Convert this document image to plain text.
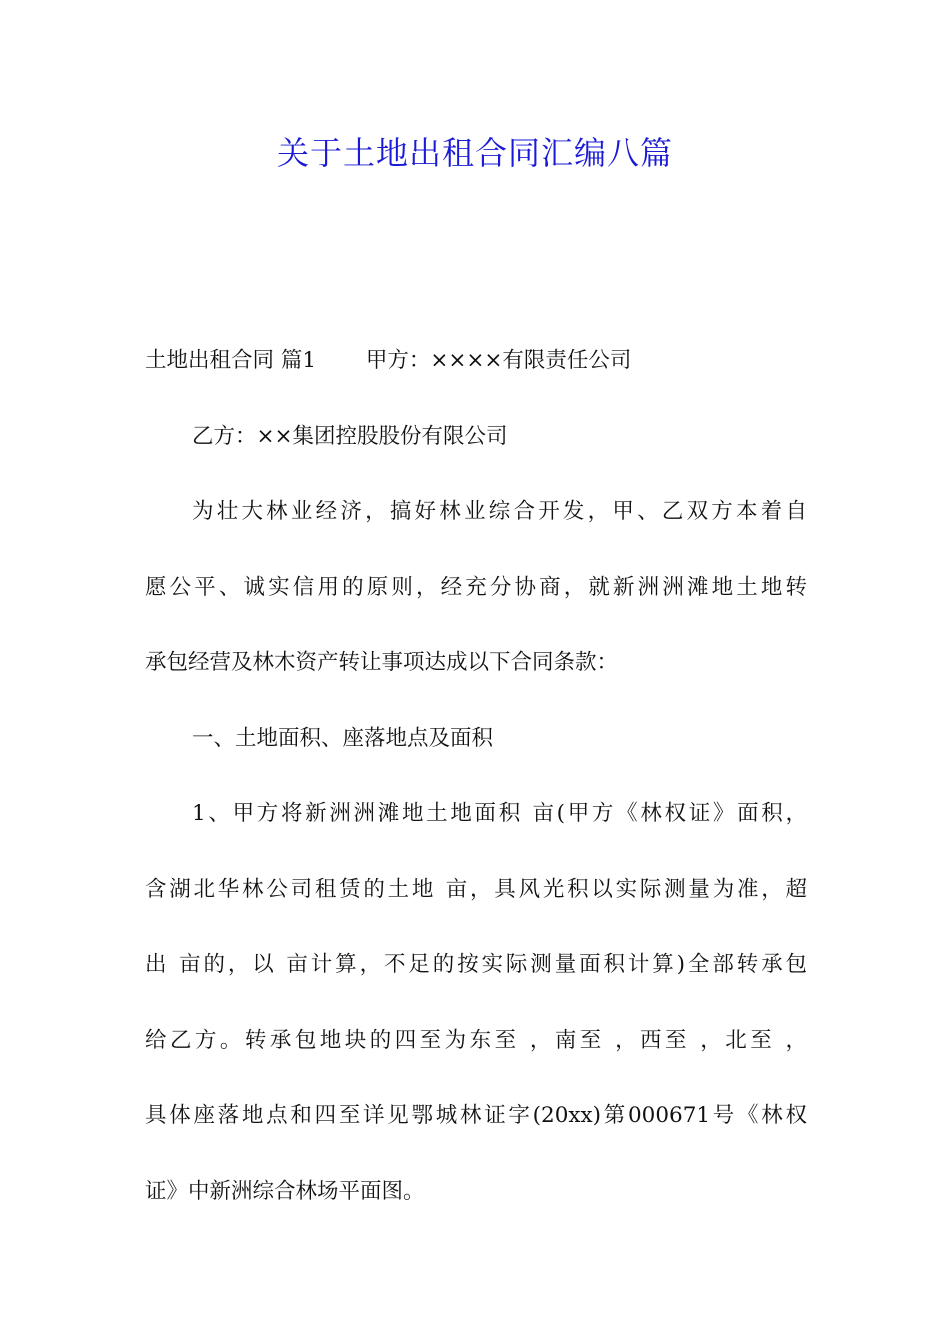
关于土地出租合同汇编八篇
土地出租合同 篇1　　 甲方：××××有限责任公司
乙方：××集团控股股份有限公司
为壮大林业经济，搞好林业综合开发，甲、乙双方本着自
愿公平、诚实信用的原则，经充分协商，就新洲洲滩地土地转
承包经营及林木资产转让事项达成以下合同条款：
一、土地面积、座落地点及面积
1、甲方将新洲洲滩地土地面积 亩(甲方《林权证》面积，
含湖北华林公司租赁的土地 亩，具风光积以实际测量为准，超
出 亩的，以 亩计算，不足的按实际测量面积计算)全部转承包
给乙方。转承包地块的四至为东至 ，南至 ，西至 ，北至 ，
具体座落地点和四至详见鄂城林证字(20xx)第000671号《林权
证》中新洲综合林场平面图。
